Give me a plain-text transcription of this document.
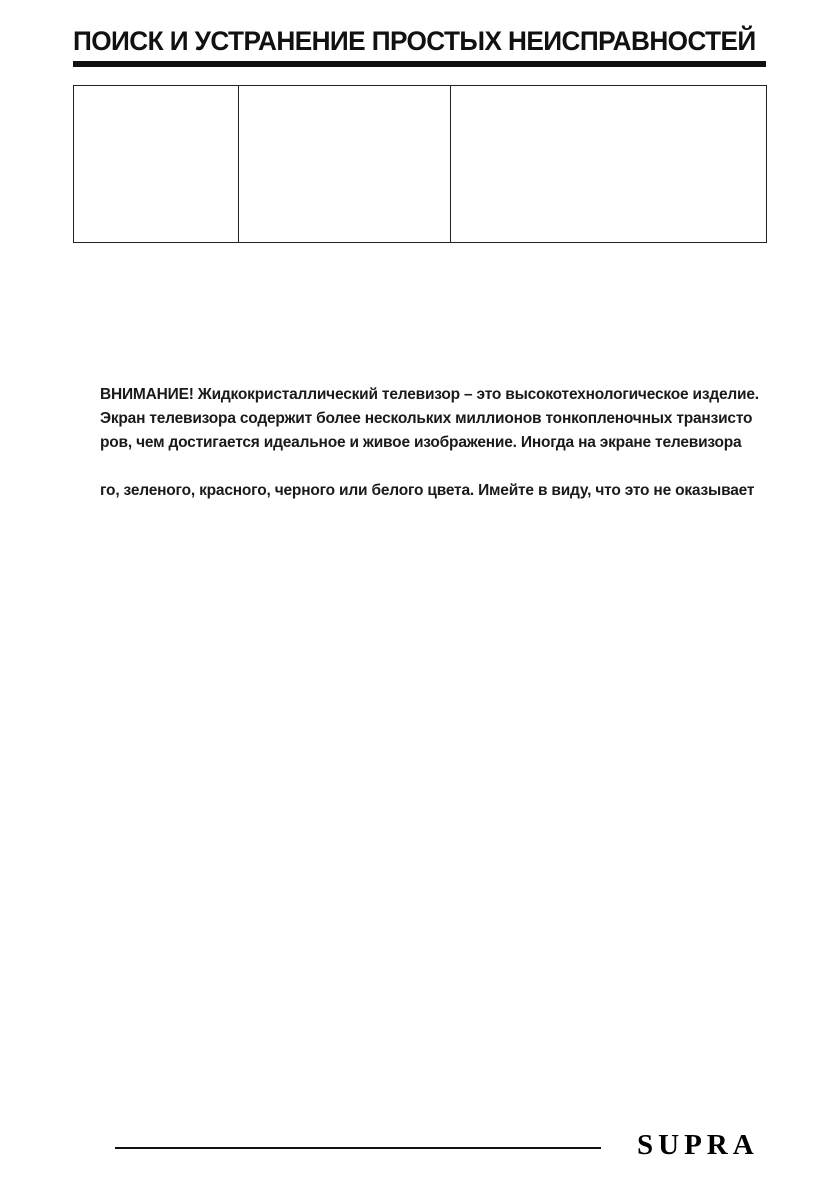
ПОИСК И УСТРАНЕНИЕ ПРОСТЫХ НЕИСПРАВНОСТЕЙ

ВНИМАНИЕ! Жидкокристаллический телевизор – это высокотехнологическое изделие.
Экран телевизора содержит более нескольких миллионов тонкопленочных транзисто
ров, чем достигается идеальное и живое изображение. Иногда на экране телевизора
го, зеленого, красного, черного или белого цвета. Имейте в виду, что это не оказывает
SUPRA
